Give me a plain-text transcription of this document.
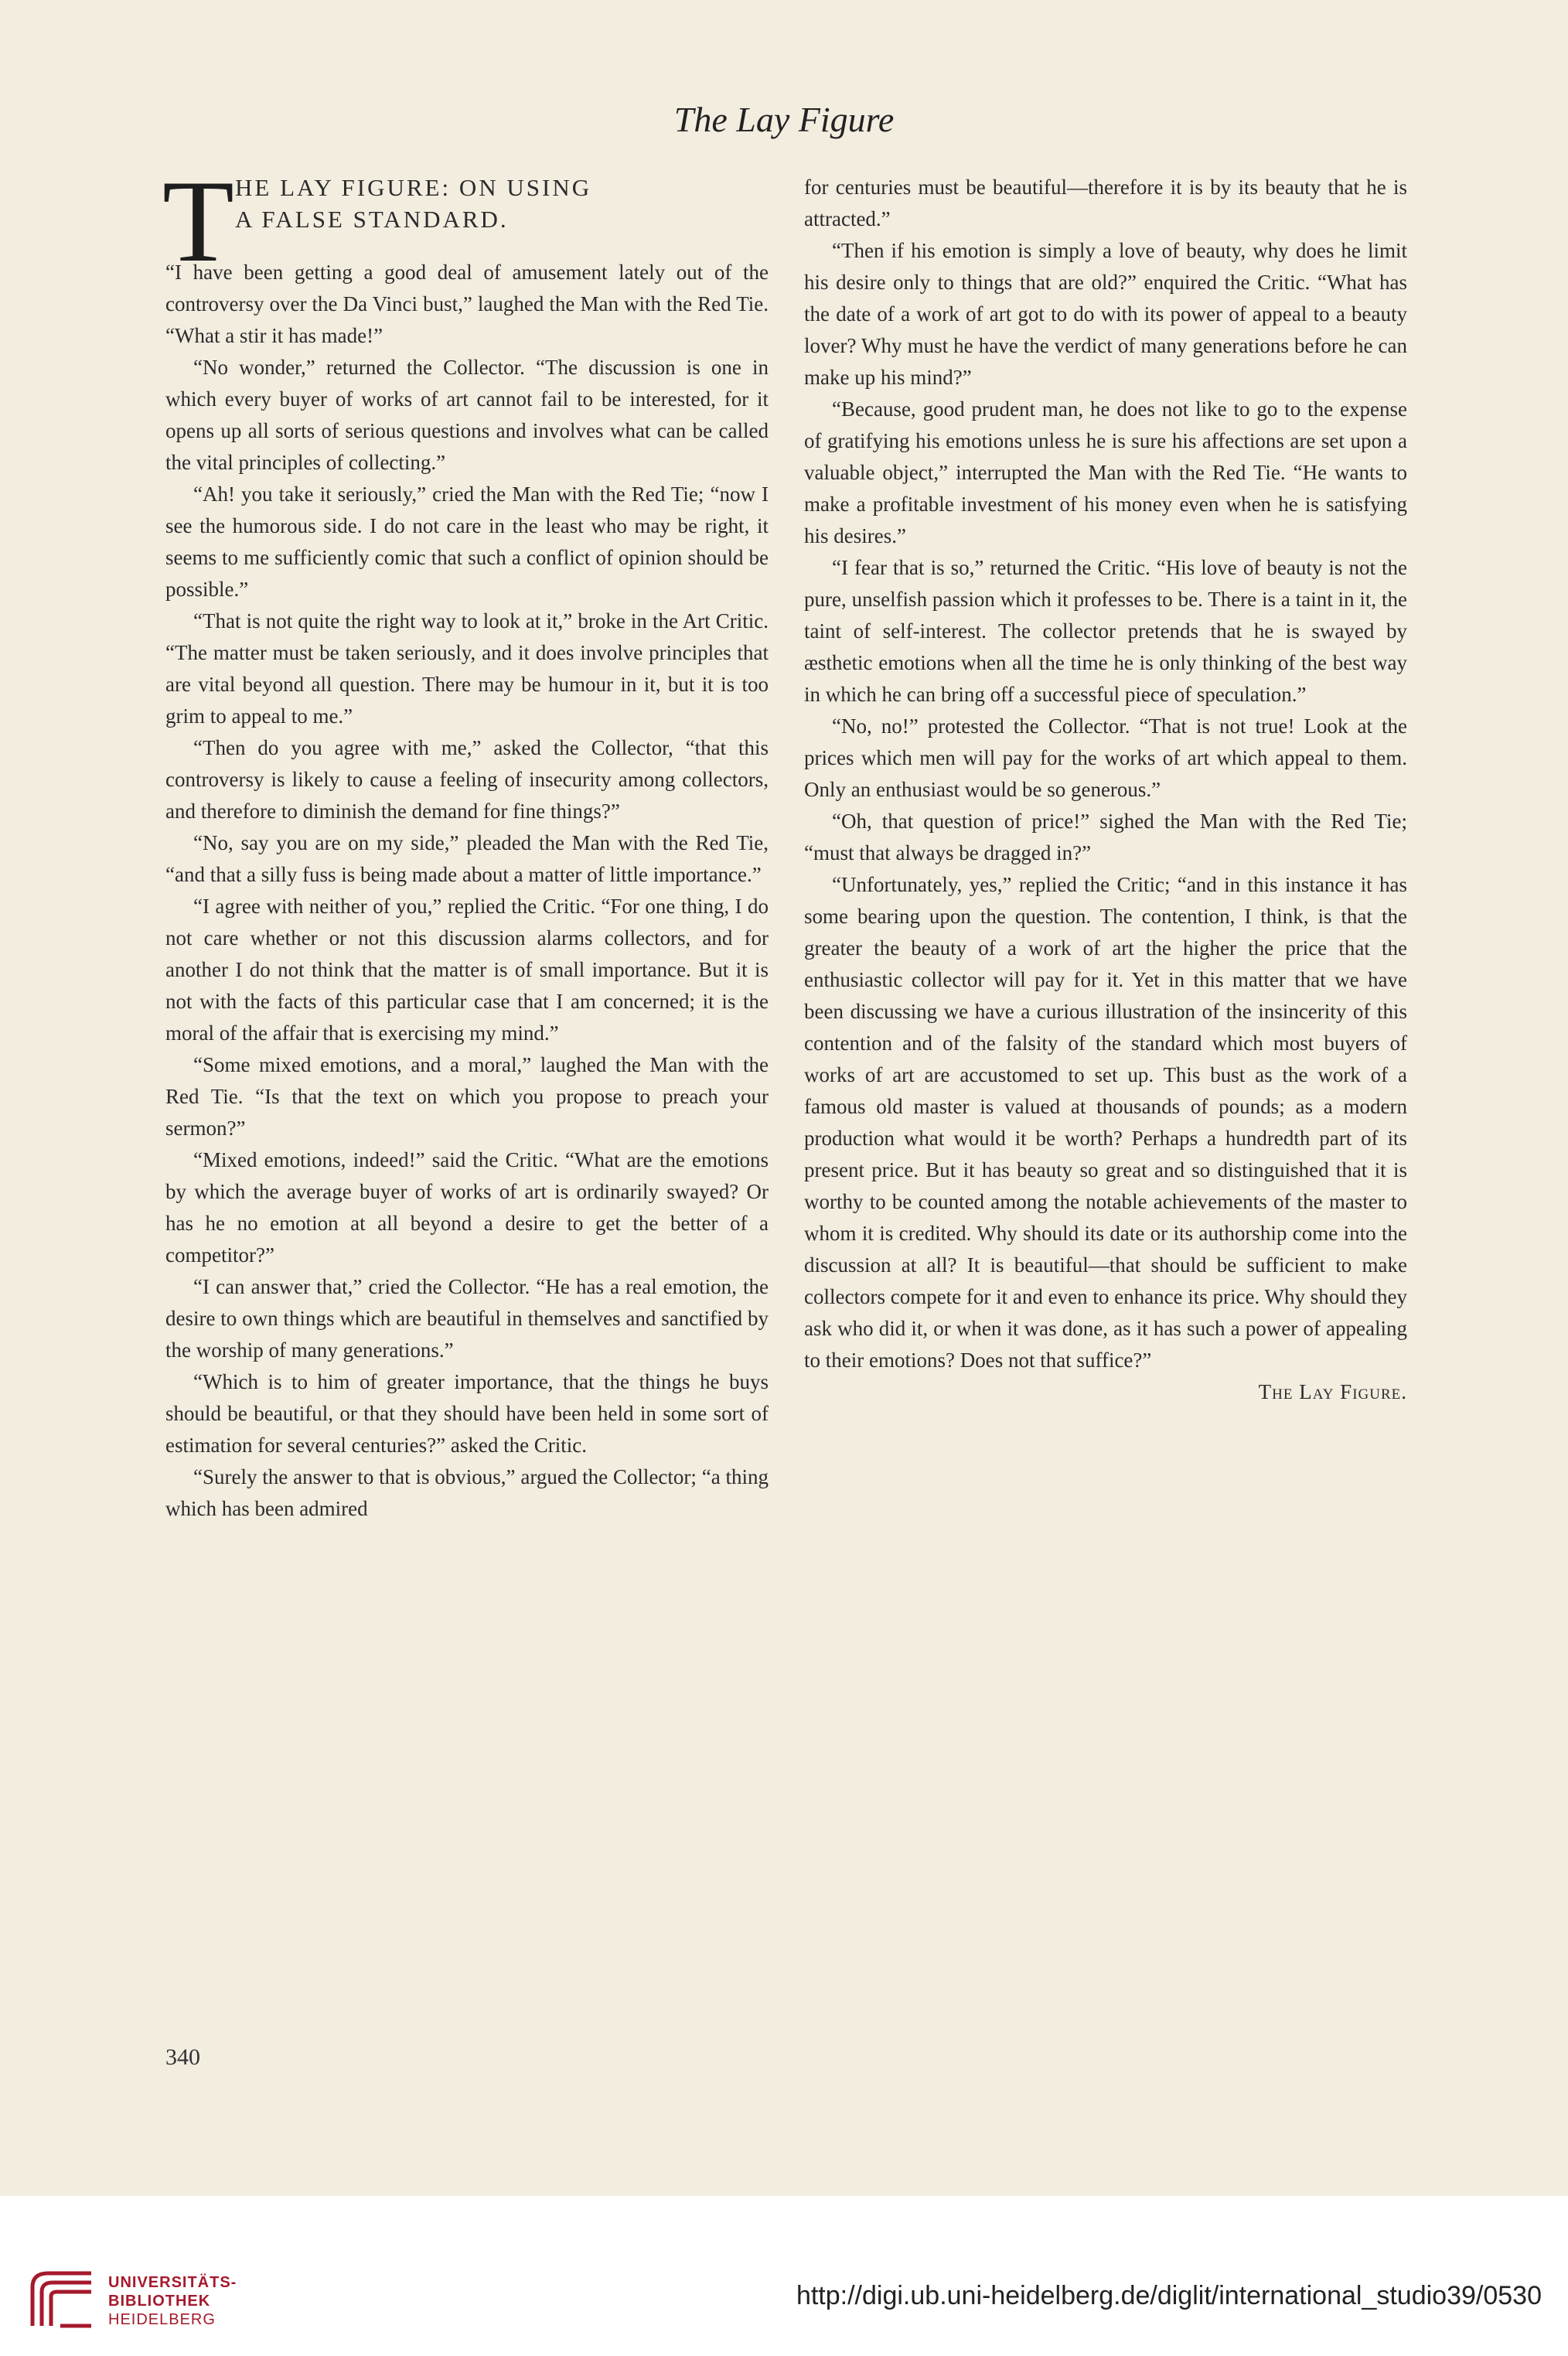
The Lay Figure
T
HE LAY FIGURE: ON USING
A FALSE STANDARD.

“I have been getting a good deal of amusement lately out of the controversy over the Da Vinci bust,” laughed the Man with the Red Tie. “What a stir it has made!”

“No wonder,” returned the Collector. “The discussion is one in which every buyer of works of art cannot fail to be interested, for it opens up all sorts of serious questions and involves what can be called the vital principles of collecting.”

“Ah! you take it seriously,” cried the Man with the Red Tie; “now I see the humorous side. I do not care in the least who may be right, it seems to me sufficiently comic that such a conflict of opinion should be possible.”

“That is not quite the right way to look at it,” broke in the Art Critic. “The matter must be taken seriously, and it does involve principles that are vital beyond all question. There may be humour in it, but it is too grim to appeal to me.”

“Then do you agree with me,” asked the Collector, “that this controversy is likely to cause a feeling of insecurity among collectors, and therefore to diminish the demand for fine things?”

“No, say you are on my side,” pleaded the Man with the Red Tie, “and that a silly fuss is being made about a matter of little importance.”

“I agree with neither of you,” replied the Critic. “For one thing, I do not care whether or not this discussion alarms collectors, and for another I do not think that the matter is of small importance. But it is not with the facts of this particular case that I am concerned; it is the moral of the affair that is exercising my mind.”

“Some mixed emotions, and a moral,” laughed the Man with the Red Tie. “Is that the text on which you propose to preach your sermon?”

“Mixed emotions, indeed!” said the Critic. “What are the emotions by which the average buyer of works of art is ordinarily swayed? Or has he no emotion at all beyond a desire to get the better of a competitor?”

“I can answer that,” cried the Collector. “He has a real emotion, the desire to own things which are beautiful in themselves and sanctified by the worship of many generations.”

“Which is to him of greater importance, that the things he buys should be beautiful, or that they should have been held in some sort of estimation for several centuries?” asked the Critic.

“Surely the answer to that is obvious,” argued the Collector; “a thing which has been admired

for centuries must be beautiful—therefore it is by its beauty that he is attracted.”

“Then if his emotion is simply a love of beauty, why does he limit his desire only to things that are old?” enquired the Critic. “What has the date of a work of art got to do with its power of appeal to a beauty lover? Why must he have the verdict of many generations before he can make up his mind?”

“Because, good prudent man, he does not like to go to the expense of gratifying his emotions unless he is sure his affections are set upon a valuable object,” interrupted the Man with the Red Tie. “He wants to make a profitable investment of his money even when he is satisfying his desires.”

“I fear that is so,” returned the Critic. “His love of beauty is not the pure, unselfish passion which it professes to be. There is a taint in it, the taint of self-interest. The collector pretends that he is swayed by æsthetic emotions when all the time he is only thinking of the best way in which he can bring off a successful piece of speculation.”

“No, no!” protested the Collector. “That is not true! Look at the prices which men will pay for the works of art which appeal to them. Only an enthusiast would be so generous.”

“Oh, that question of price!” sighed the Man with the Red Tie; “must that always be dragged in?”

“Unfortunately, yes,” replied the Critic; “and in this instance it has some bearing upon the question. The contention, I think, is that the greater the beauty of a work of art the higher the price that the enthusiastic collector will pay for it. Yet in this matter that we have been discussing we have a curious illustration of the insincerity of this contention and of the falsity of the standard which most buyers of works of art are accustomed to set up. This bust as the work of a famous old master is valued at thousands of pounds; as a modern production what would it be worth? Perhaps a hundredth part of its present price. But it has beauty so great and so distinguished that it is worthy to be counted among the notable achievements of the master to whom it is credited. Why should its date or its authorship come into the discussion at all? It is beautiful—that should be sufficient to make collectors compete for it and even to enhance its price. Why should they ask who did it, or when it was done, as it has such a power of appealing to their emotions? Does not that suffice?”

The Lay Figure.

340
UNIVERSITÄTS-
BIBLIOTHEK
HEIDELBERG
http://digi.ub.uni-heidelberg.de/diglit/international_studio39/0530
